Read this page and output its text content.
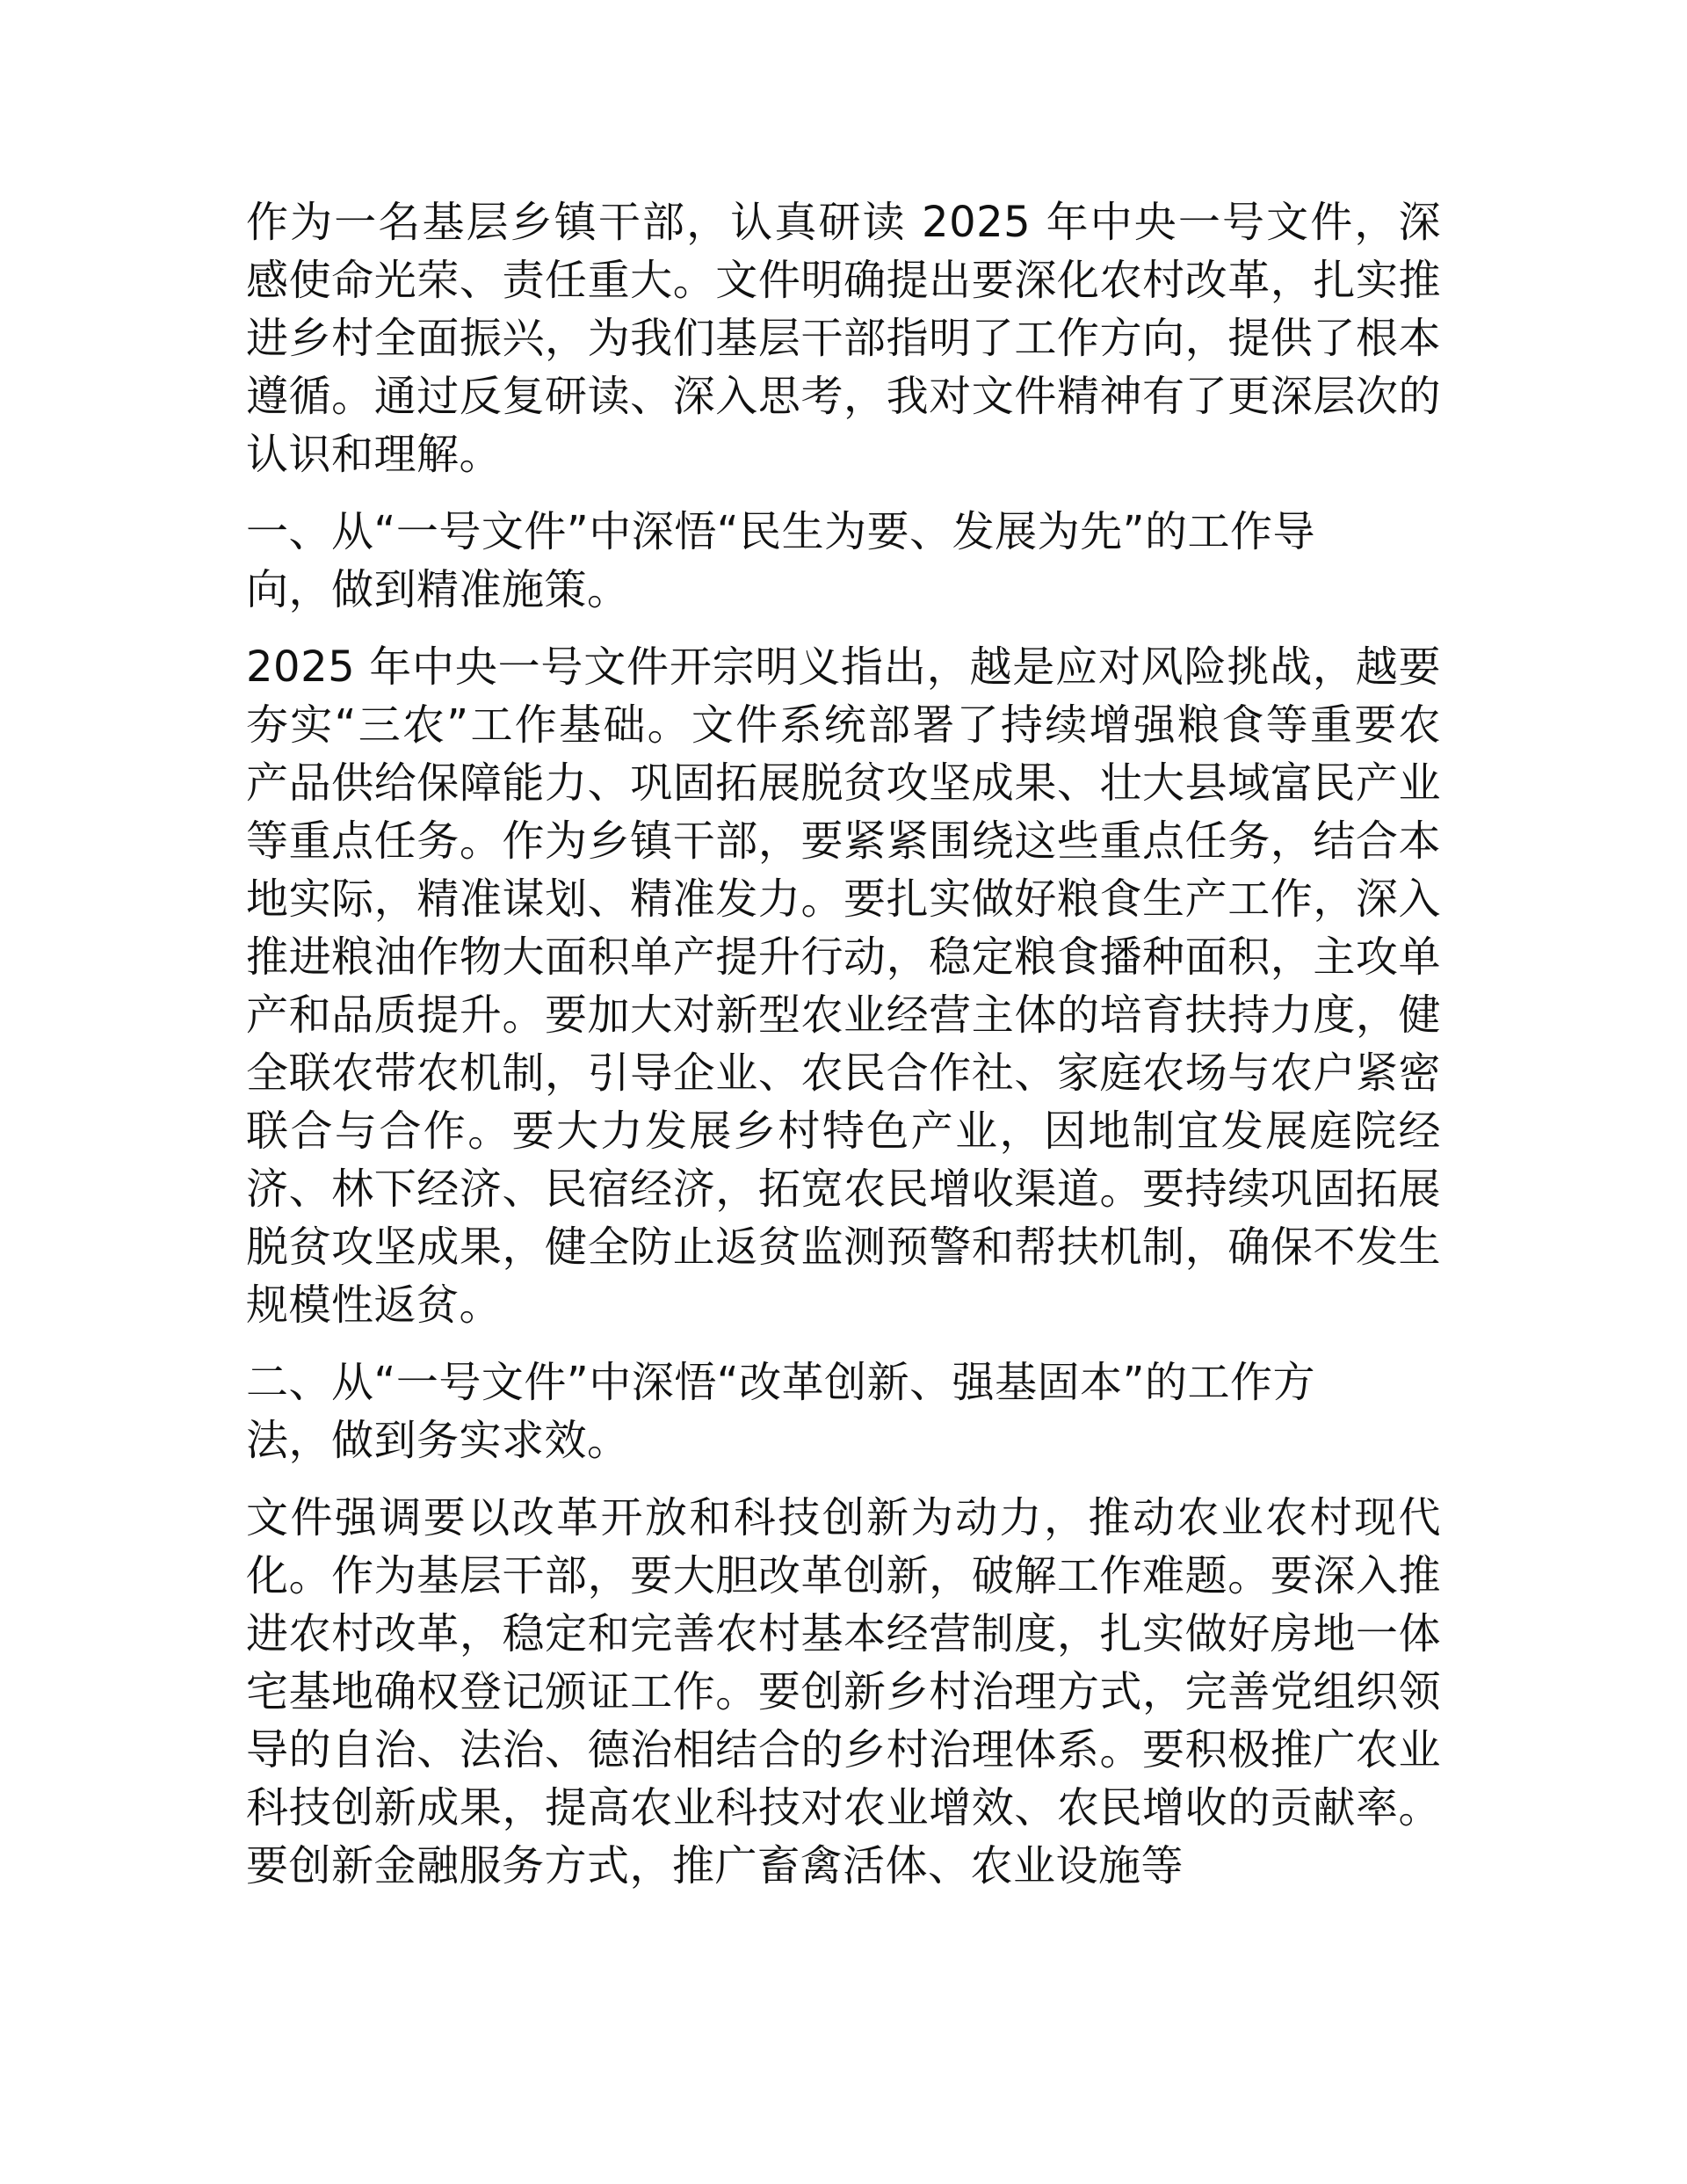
作为一名基层乡镇干部，认真研读 2025 年中央一号文件，深感使命光荣、责任重大。文件明确提出要深化农村改革，扎实推进乡村全面振兴，为我们基层干部指明了工作方向，提供了根本遵循。通过反复研读、深入思考，我对文件精神有了更深层次的认识和理解。

一、从“一号文件”中深悟“民生为要、发展为先”的工作导向，做到精准施策。

2025 年中央一号文件开宗明义指出，越是应对风险挑战，越要夯实“三农”工作基础。文件系统部署了持续增强粮食等重要农产品供给保障能力、巩固拓展脱贫攻坚成果、壮大县域富民产业等重点任务。作为乡镇干部，要紧紧围绕这些重点任务，结合本地实际，精准谋划、精准发力。要扎实做好粮食生产工作，深入推进粮油作物大面积单产提升行动，稳定粮食播种面积，主攻单产和品质提升。要加大对新型农业经营主体的培育扶持力度，健全联农带农机制，引导企业、农民合作社、家庭农场与农户紧密联合与合作。要大力发展乡村特色产业，因地制宜发展庭院经济、林下经济、民宿经济，拓宽农民增收渠道。要持续巩固拓展脱贫攻坚成果，健全防止返贫监测预警和帮扶机制，确保不发生规模性返贫。

二、从“一号文件”中深悟“改革创新、强基固本”的工作方法，做到务实求效。

文件强调要以改革开放和科技创新为动力，推动农业农村现代化。作为基层干部，要大胆改革创新，破解工作难题。要深入推进农村改革，稳定和完善农村基本经营制度，扎实做好房地一体宅基地确权登记颁证工作。要创新乡村治理方式，完善党组织领导的自治、法治、德治相结合的乡村治理体系。要积极推广农业科技创新成果，提高农业科技对农业增效、农民增收的贡献率。要创新金融服务方式，推广畜禽活体、农业设施等
